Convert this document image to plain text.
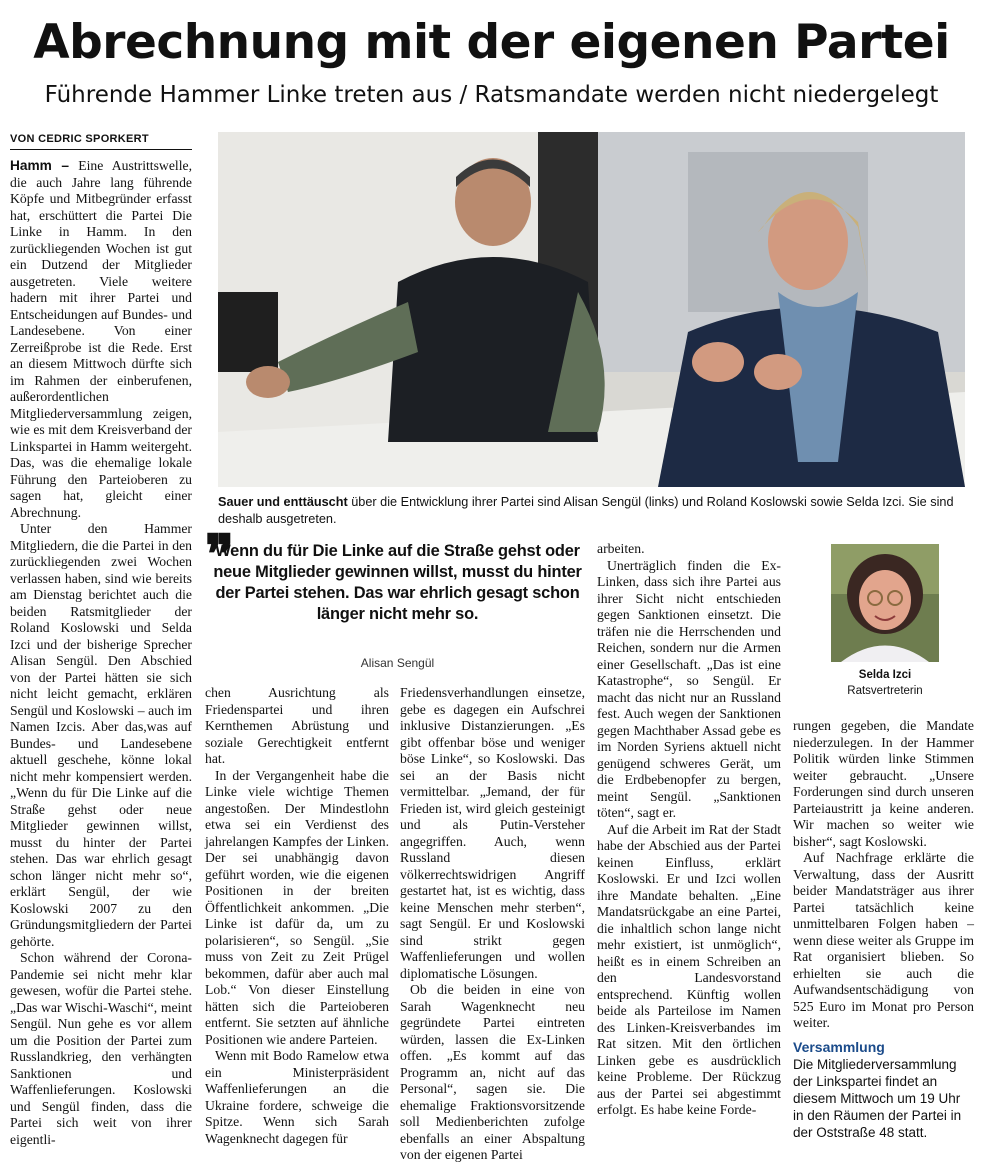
Abrechnung mit der eigenen Partei
Führende Hammer Linke treten aus / Ratsmandate werden nicht niedergelegt
VON CEDRIC SPORKERT

Hamm – Eine Austrittswelle, die auch Jahre lang führende Köpfe und Mitbegründer erfasst hat, erschüttert die Partei Die Linke in Hamm. In den zurückliegenden Wochen ist gut ein Dutzend der Mitglieder ausgetreten. Viele weitere hadern mit ihrer Partei und Entscheidungen auf Bundes- und Landesebene. Von einer Zerreißprobe ist die Rede. Erst an diesem Mittwoch dürfte sich im Rahmen der einberufenen, außerordentlichen Mitgliederversammlung zeigen, wie es mit dem Kreisverband der Linkspartei in Hamm weitergeht. Das, was die ehemalige lokale Führung den Parteioberen zu sagen hat, gleicht einer Abrechnung.

Unter den Hammer Mitgliedern, die die Partei in den zurückliegenden zwei Wochen verlassen haben, sind wie bereits am Dienstag berichtet auch die beiden Ratsmitglieder der Roland Koslowski und Selda Izci und der bisherige Sprecher Alisan Sengül. Den Abschied von der Partei hätten sie sich nicht leicht gemacht, erklären Sengül und Koslowski – auch im Namen Izcis. Aber das,was auf Bundes- und Landesebene aktuell geschehe, könne lokal nicht mehr kompensiert werden. „Wenn du für Die Linke auf die Straße gehst oder neue Mitglieder gewinnen willst, musst du hinter der Partei stehen. Das war ehrlich gesagt schon länger nicht mehr so“, erklärt Sengül, der wie Koslowski 2007 zu den Gründungsmitgliedern der Partei gehörte.

Schon während der Corona-Pandemie sei nicht mehr klar gewesen, wofür die Partei stehe. „Das war Wischi-Waschi“, meint Sengül. Nun gehe es vor allem um die Position der Partei zum Russlandkrieg, den verhängten Sanktionen und Waffenlieferungen. Koslowski und Sengül finden, dass die Partei sich weit von ihrer eigentli-

Sauer und enttäuscht über die Entwicklung ihrer Partei sind Alisan Sengül (links) und Roland Koslowski sowie Selda Izci. Sie sind deshalb ausgetreten.
❞
Wenn du für Die Linke auf die Straße gehst oder neue Mitglieder gewinnen willst, musst du hinter der Partei stehen. Das war ehrlich gesagt schon länger nicht mehr so.
Alisan Sengül

chen Ausrichtung als Friedenspartei und ihren Kernthemen Abrüstung und soziale Gerechtigkeit entfernt hat.

In der Vergangenheit habe die Linke viele wichtige Themen angestoßen. Der Mindestlohn etwa sei ein Verdienst des jahrelangen Kampfes der Linken. Der sei unabhängig davon geführt worden, wie die eigenen Positionen in der breiten Öffentlichkeit ankommen. „Die Linke ist dafür da, um zu polarisieren“, so Sengül. „Sie muss von Zeit zu Zeit Prügel bekommen, dafür aber auch mal Lob.“ Von dieser Einstellung hätten sich die Parteioberen entfernt. Sie setzten auf ähnliche Positionen wie andere Parteien.

Wenn mit Bodo Ramelow etwa ein Ministerpräsident Waffenlieferungen an die Ukraine fordere, schweige die Spitze. Wenn sich Sarah Wagenknecht dagegen für

Friedensverhandlungen einsetze, gebe es dagegen ein Aufschrei inklusive Distanzierungen. „Es gibt offenbar böse und weniger böse Linke“, so Koslowski. Das sei an der Basis nicht vermittelbar. „Jemand, der für Frieden ist, wird gleich gesteinigt und als Putin-Versteher angegriffen. Auch, wenn Russland diesen völkerrechtswidrigen Angriff gestartet hat, ist es wichtig, dass keine Menschen mehr sterben“, sagt Sengül. Er und Koslowski sind strikt gegen Waffenlieferungen und wollen diplomatische Lösungen.

Ob die beiden in eine von Sarah Wagenknecht neu gegründete Partei eintreten würden, lassen die Ex-Linken offen. „Es kommt auf das Programm an, nicht auf das Personal“, sagen sie. Die ehemalige Fraktionsvorsitzende soll Medienberichten zufolge ebenfalls an einer Abspaltung von der eigenen Partei

arbeiten.

Unerträglich finden die Ex-Linken, dass sich ihre Partei aus ihrer Sicht nicht entschieden gegen Sanktionen einsetzt. Die träfen nie die Herrschenden und Reichen, sondern nur die Armen einer Gesellschaft. „Das ist eine Katastrophe“, so Sengül. Er macht das nicht nur an Russland fest. Auch wegen der Sanktionen gegen Machthaber Assad gebe es im Norden Syriens aktuell nicht genügend schweres Gerät, um die Erdbebenopfer zu bergen, meint Sengül. „Sanktionen töten“, sagt er.

Auf die Arbeit im Rat der Stadt habe der Abschied aus der Partei keinen Einfluss, erklärt Koslowski. Er und Izci wollen ihre Mandate behalten. „Eine Mandatsrückgabe an eine Partei, die inhaltlich schon lange nicht mehr existiert, ist unmöglich“, heißt es in einem Schreiben an den Landesvorstand entsprechend. Künftig wollen beide als Parteilose im Namen des Linken-Kreisverbandes im Rat sitzen. Mit den örtlichen Linken gebe es ausdrücklich keine Probleme. Der Rückzug aus der Partei sei abgestimmt erfolgt. Es habe keine Forde-

Selda Izci
Ratsvertreterin

rungen gegeben, die Mandate niederzulegen. In der Hammer Politik würden linke Stimmen weiter gebraucht. „Unsere Forderungen sind durch unseren Parteiaustritt ja keine anderen. Wir machen so weiter wie bisher“, sagt Koslowski.

Auf Nachfrage erklärte die Verwaltung, dass der Ausritt beider Mandatsträger aus ihrer Partei tatsächlich keine unmittelbaren Folgen haben – wenn diese weiter als Gruppe im Rat organisiert blieben. So erhielten sie auch die Aufwandsentschädigung von 525 Euro im Monat pro Person weiter.

Versammlung
Die Mitgliederversammlung der Linkspartei findet an diesem Mittwoch um 19 Uhr in den Räumen der Partei in der Oststraße 48 statt.
